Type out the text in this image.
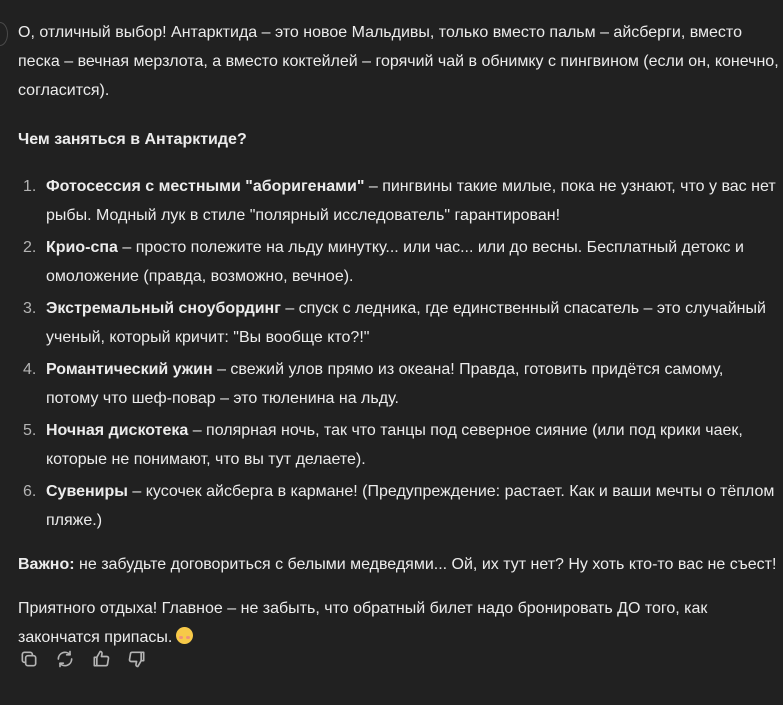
О, отличный выбор! Антарктида – это новое Мальдивы, только вместо пальм – айсберги, вместо песка – вечная мерзлота, а вместо коктейлей – горячий чай в обнимку с пингвином (если он, конечно, согласится).

Чем заняться в Антарктиде?

1. Фотосессия с местными "аборигенами" – пингвины такие милые, пока не узнают, что у вас нет рыбы. Модный лук в стиле "полярный исследователь" гарантирован!
2. Крио-спа – просто полежите на льду минутку... или час... или до весны. Бесплатный детокс и омоложение (правда, возможно, вечное).
3. Экстремальный сноубординг – спуск с ледника, где единственный спасатель – это случайный ученый, который кричит: "Вы вообще кто?!"
4. Романтический ужин – свежий улов прямо из океана! Правда, готовить придётся самому, потому что шеф-повар – это тюленина на льду.
5. Ночная дискотека – полярная ночь, так что танцы под северное сияние (или под крики чаек, которые не понимают, что вы тут делаете).
6. Сувениры – кусочек айсберга в кармане! (Предупреждение: растает. Как и ваши мечты о тёплом пляже.)

Важно: не забудьте договориться с белыми медведями... Ой, их тут нет? Ну хоть кто-то вас не съест!

Приятного отдыха! Главное – не забыть, что обратный билет надо бронировать ДО того, как закончатся припасы.
